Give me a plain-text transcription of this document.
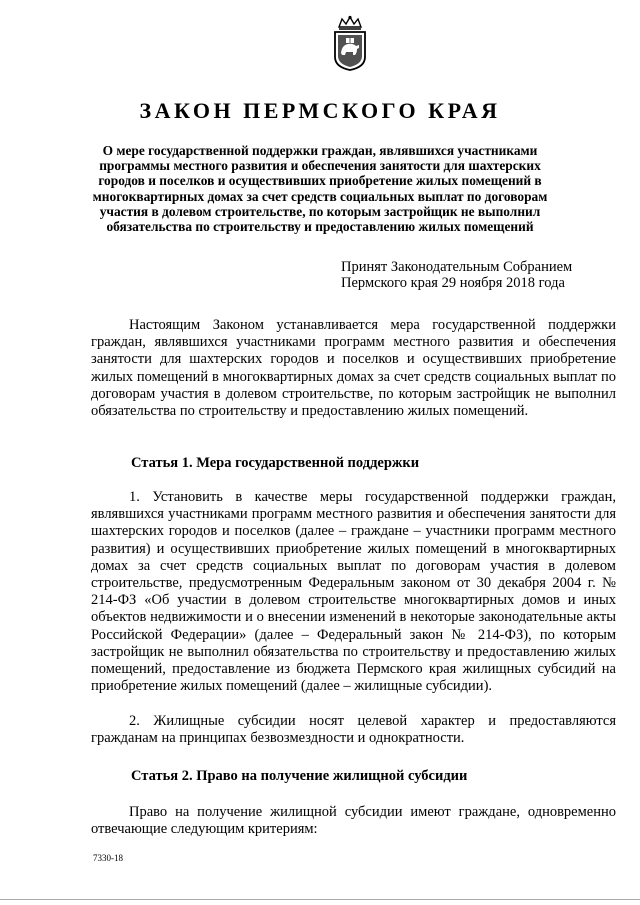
ЗАКОН ПЕРМСКОГО КРАЯ
О мере государственной поддержки граждан, являвшихся участниками программы местного развития и обеспечения занятости для шахтерских городов и поселков и осуществивших приобретение жилых помещений в многоквартирных домах за счет средств социальных выплат по договорам участия в долевом строительстве, по которым застройщик не выполнил обязательства по строительству и предоставлению жилых помещений
Принят Законодательным Собранием
Пермского края 29 ноября 2018 года
Настоящим Законом устанавливается мера государственной поддержки граждан, являвшихся участниками программ местного развития и обеспечения занятости для шахтерских городов и поселков и осуществивших приобретение жилых помещений в многоквартирных домах за счет средств социальных выплат по договорам участия в долевом строительстве, по которым застройщик не выполнил обязательства по строительству и предоставлению жилых помещений.
Статья 1. Мера государственной поддержки
1. Установить в качестве меры государственной поддержки граждан, являвшихся участниками программ местного развития и обеспечения занятости для шахтерских городов и поселков (далее – граждане – участники программ местного развития) и осуществивших приобретение жилых помещений в многоквартирных домах за счет средств социальных выплат по договорам участия в долевом строительстве, предусмотренным Федеральным законом от 30 декабря 2004 г. № 214-ФЗ «Об участии в долевом строительстве многоквартирных домов и иных объектов недвижимости и о внесении изменений в некоторые законодательные акты Российской Федерации» (далее – Федеральный закон № 214-ФЗ), по которым застройщик не выполнил обязательства по строительству и предоставлению жилых помещений, предоставление из бюджета Пермского края жилищных субсидий на приобретение жилых помещений (далее – жилищные субсидии).
2. Жилищные субсидии носят целевой характер и предоставляются гражданам на принципах безвозмездности и однократности.
Статья 2. Право на получение жилищной субсидии
Право на получение жилищной субсидии имеют граждане, одновременно отвечающие следующим критериям:
7330-18
